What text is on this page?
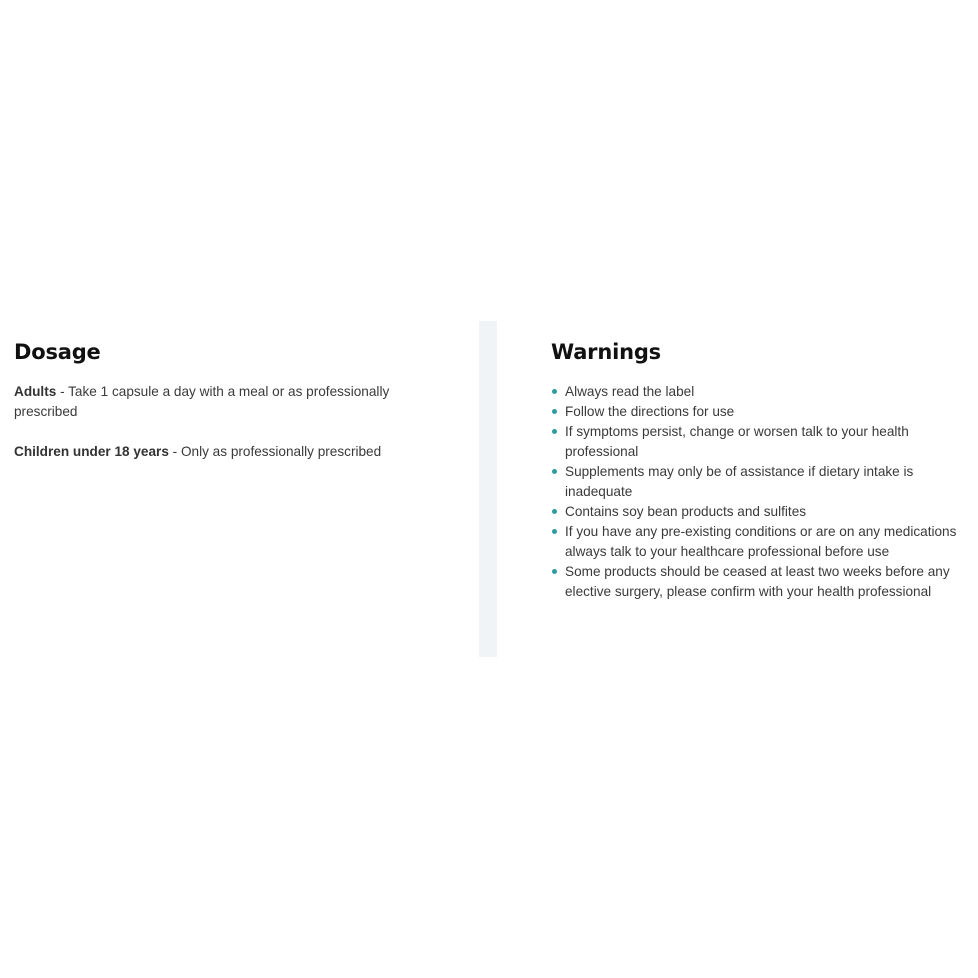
Dosage

Adults - Take 1 capsule a day with a meal or as professionally prescribed

Children under 18 years - Only as professionally prescribed

Warnings
Always read the label
Follow the directions for use
If symptoms persist, change or worsen talk to your health professional
Supplements may only be of assistance if dietary intake is inadequate
Contains soy bean products and sulfites
If you have any pre-existing conditions or are on any medications always talk to your healthcare professional before use
Some products should be ceased at least two weeks before any elective surgery, please confirm with your health professional
